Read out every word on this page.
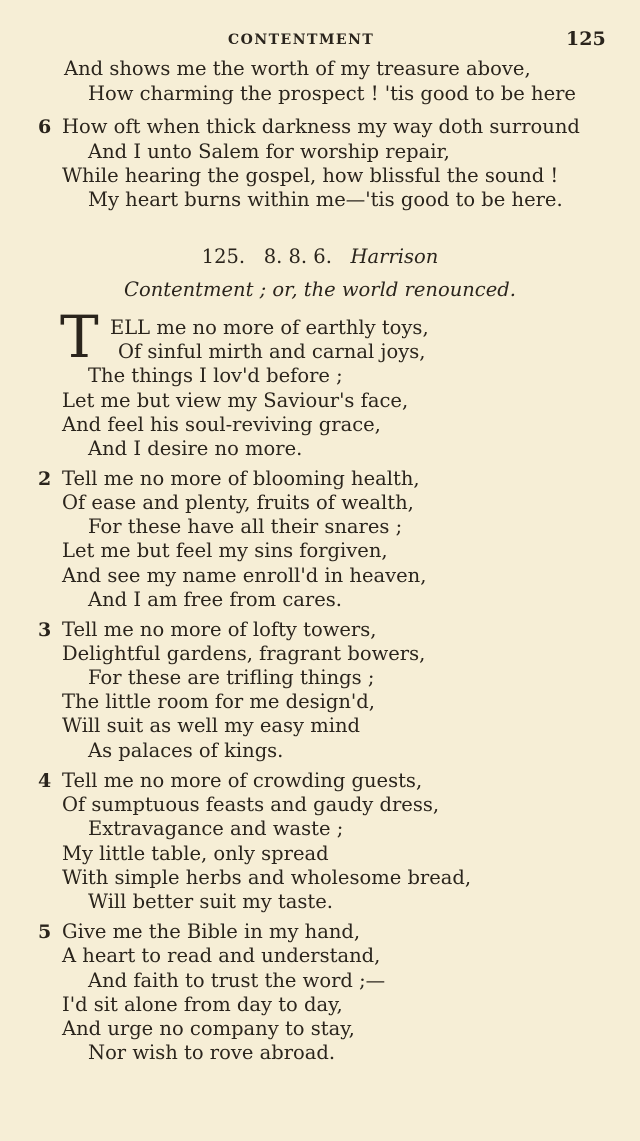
CONTENTMENT	125
And shows me the worth of my treasure above,
How charming the prospect ! 'tis good to be here
6 How oft when thick darkness my way doth surround
And I unto Salem for worship repair,
While hearing the gospel, how blissful the sound !
My heart burns within me—'tis good to be here.
125. 8. 8. 6. Harrison
Contentment ; or, the world renounced.
T ELL me no more of earthly toys,
Of sinful mirth and carnal joys,
The things I lov'd before ;
Let me but view my Saviour's face,
And feel his soul-reviving grace,
And I desire no more.
2 Tell me no more of blooming health,
Of ease and plenty, fruits of wealth,
For these have all their snares ;
Let me but feel my sins forgiven,
And see my name enroll'd in heaven,
And I am free from cares.
3 Tell me no more of lofty towers,
Delightful gardens, fragrant bowers,
For these are trifling things ;
The little room for me design'd,
Will suit as well my easy mind
As palaces of kings.
4 Tell me no more of crowding guests,
Of sumptuous feasts and gaudy dress,
Extravagance and waste ;
My little table, only spread
With simple herbs and wholesome bread,
Will better suit my taste.
5 Give me the Bible in my hand,
A heart to read and understand,
And faith to trust the word ;—
I'd sit alone from day to day,
And urge no company to stay,
Nor wish to rove abroad.
